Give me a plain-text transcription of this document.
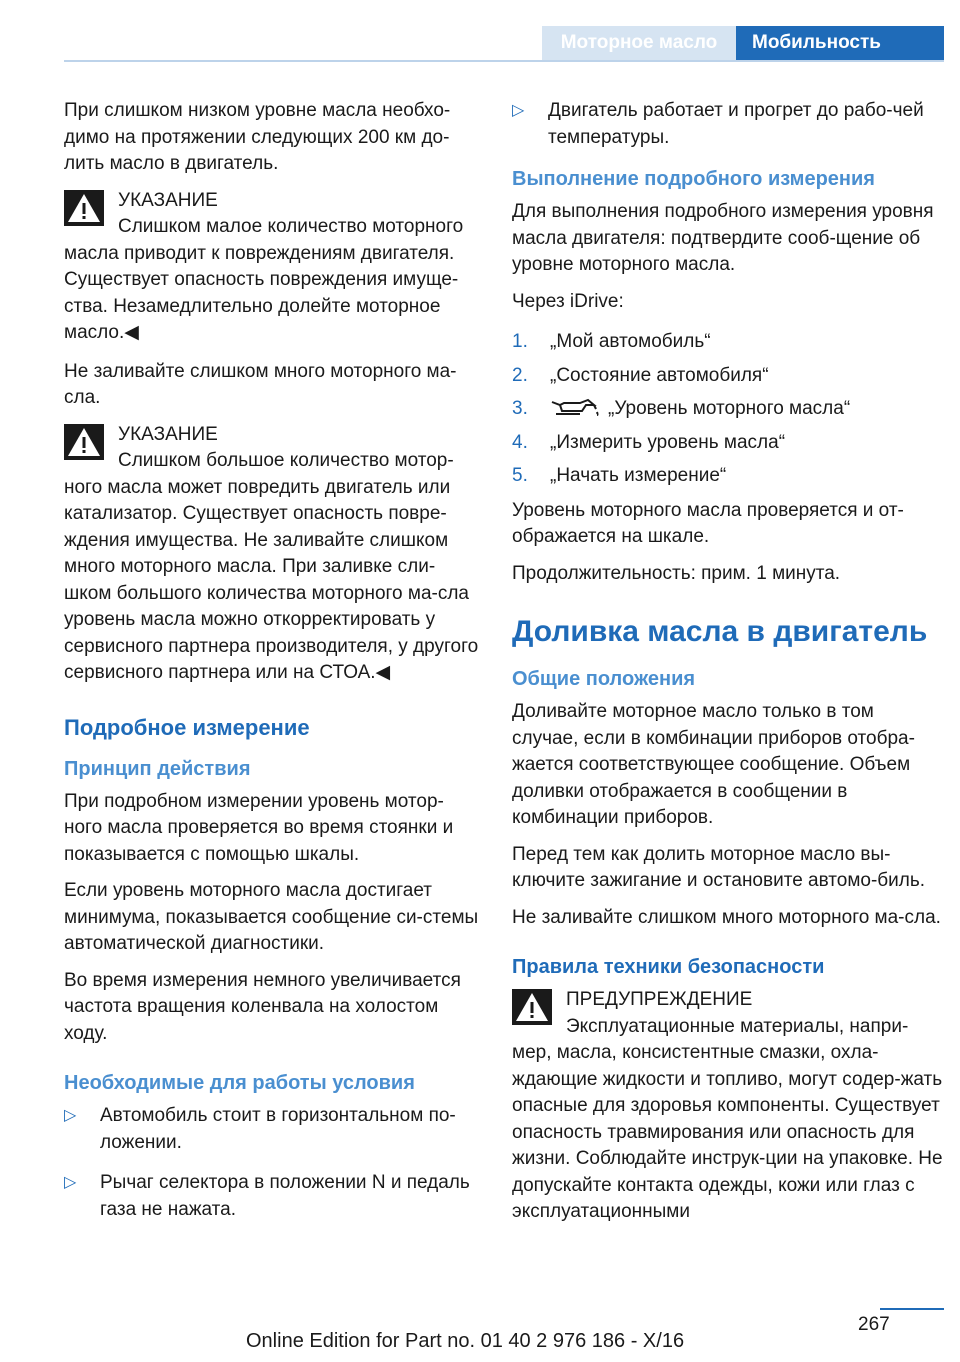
Моторное масло	Мобильность

При слишком низком уровне масла необхо-димо на протяжении следующих 200 км до-лить масло в двигатель.

УКАЗАНИЕ

Слишком малое количество моторного масла приводит к повреждениям двигателя. Существует опасность повреждения имуще-ства. Незамедлительно долейте моторное масло.◀

Не заливайте слишком много моторного ма-сла.

УКАЗАНИЕ

Слишком большое количество мотор-ного масла может повредить двигатель или катализатор. Существует опасность повре-ждения имущества. Не заливайте слишком много моторного масла. При заливке сли-шком большого количества моторного ма-сла уровень масла можно откорректировать у сервисного партнера производителя, у другого сервисного партнера или на СТОА.◀

Подробное измерение
Принцип действия

При подробном измерении уровень мотор-ного масла проверяется во время стоянки и показывается с помощью шкалы.

Если уровень моторного масла достигает минимума, показывается сообщение си-стемы автоматической диагностики.

Во время измерения немного увеличивается частота вращения коленвала на холостом ходу.

Необходимые для работы условия
▷ Автомобиль стоит в горизонтальном по-ложении.
▷ Рычаг селектора в положении N и педаль газа не нажата.
▷ Двигатель работает и прогрет до рабо-чей температуры.
Выполнение подробного измерения

Для выполнения подробного измерения уровня масла двигателя: подтвердите сооб-щение об уровне моторного масла.

Через iDrive:

1. „Мой автомобиль“
2. „Состояние автомобиля“
3.	„Уровень моторного масла“
4. „Измерить уровень масла“
5. „Начать измерение“

Уровень моторного масла проверяется и от-ображается на шкале.

Продолжительность: прим. 1 минута.

Доливка масла в двигатель
Общие положения

Доливайте моторное масло только в том случае, если в комбинации приборов отобра-жается соответствующее сообщение. Объем доливки отображается в сообщении в комбинации приборов.

Перед тем как долить моторное масло вы-ключите зажигание и остановите автомо-биль.

Не заливайте слишком много моторного ма-сла.

Правила техники безопасности
ПРЕДУПРЕЖДЕНИЕ

Эксплуатационные материалы, напри-мер, масла, консистентные смазки, охла-ждающие жидкости и топливо, могут содер-жать опасные для здоровья компоненты. Существует опасность травмирования или опасность для жизни. Соблюдайте инструк-ции на упаковке. Не допускайте контакта одежды, кожи или глаз с эксплуатационными

267
Online Edition for Part no. 01 40 2 976 186 - X/16
